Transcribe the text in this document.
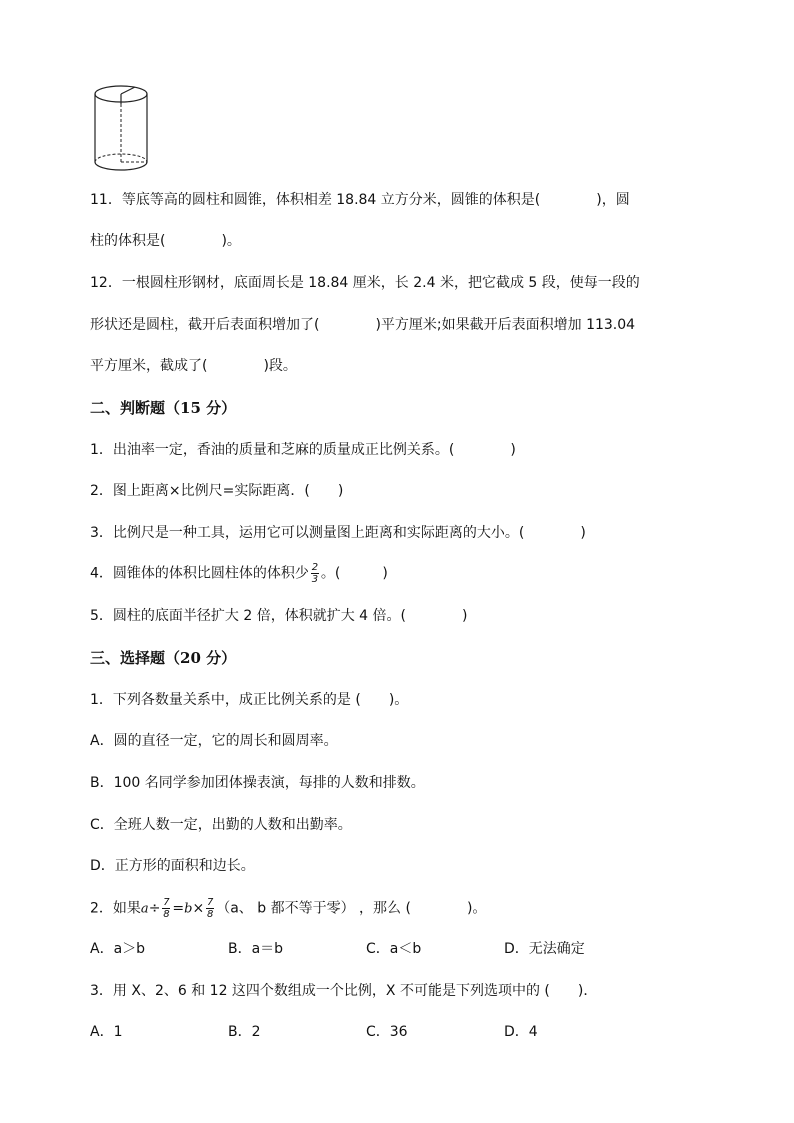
11．等底等高的圆柱和圆锥，体积相差 18.84 立方分米，圆锥的体积是(　　　　)，圆
柱的体积是(　　　　)。
12．一根圆柱形钢材，底面周长是 18.84 厘米，长 2.4 米，把它截成 5 段，使每一段的
形状还是圆柱，截开后表面积增加了(　　　　)平方厘米;如果截开后表面积增加 113.04
平方厘米，截成了(　　　　)段。
二、判断题（15 分）
1．出油率一定，香油的质量和芝麻的质量成正比例关系。(　　　　)
2．图上距离×比例尺=实际距离．(　　)
3．比例尺是一种工具，运用它可以测量图上距离和实际距离的大小。(　　　　)
4．圆锥体的体积比圆柱体的体积少 $\frac{2}{3}$ 。(　　　)
5．圆柱的底面半径扩大 2 倍，体积就扩大 4 倍。(　　　　)
三、选择题（20 分）
1．下列各数量关系中，成正比例关系的是 (　　)。
A．圆的直径一定，它的周长和圆周率。
B．100 名同学参加团体操表演，每排的人数和排数。
C．全班人数一定，出勤的人数和出勤率。
D．正方形的面积和边长。
2．如果$a\div \frac{7}{8} =b\times \frac{7}{8} (a$、 b 都不等于零） ，那么 (　　　　)。
A．a＞b	B．a＝b	C．a＜b	D．无法确定
3．用 X、2、6 和 12 这四个数组成一个比例，X 不可能是下列选项中的 (　　)．
A．1	B．2	C．36	D．4
